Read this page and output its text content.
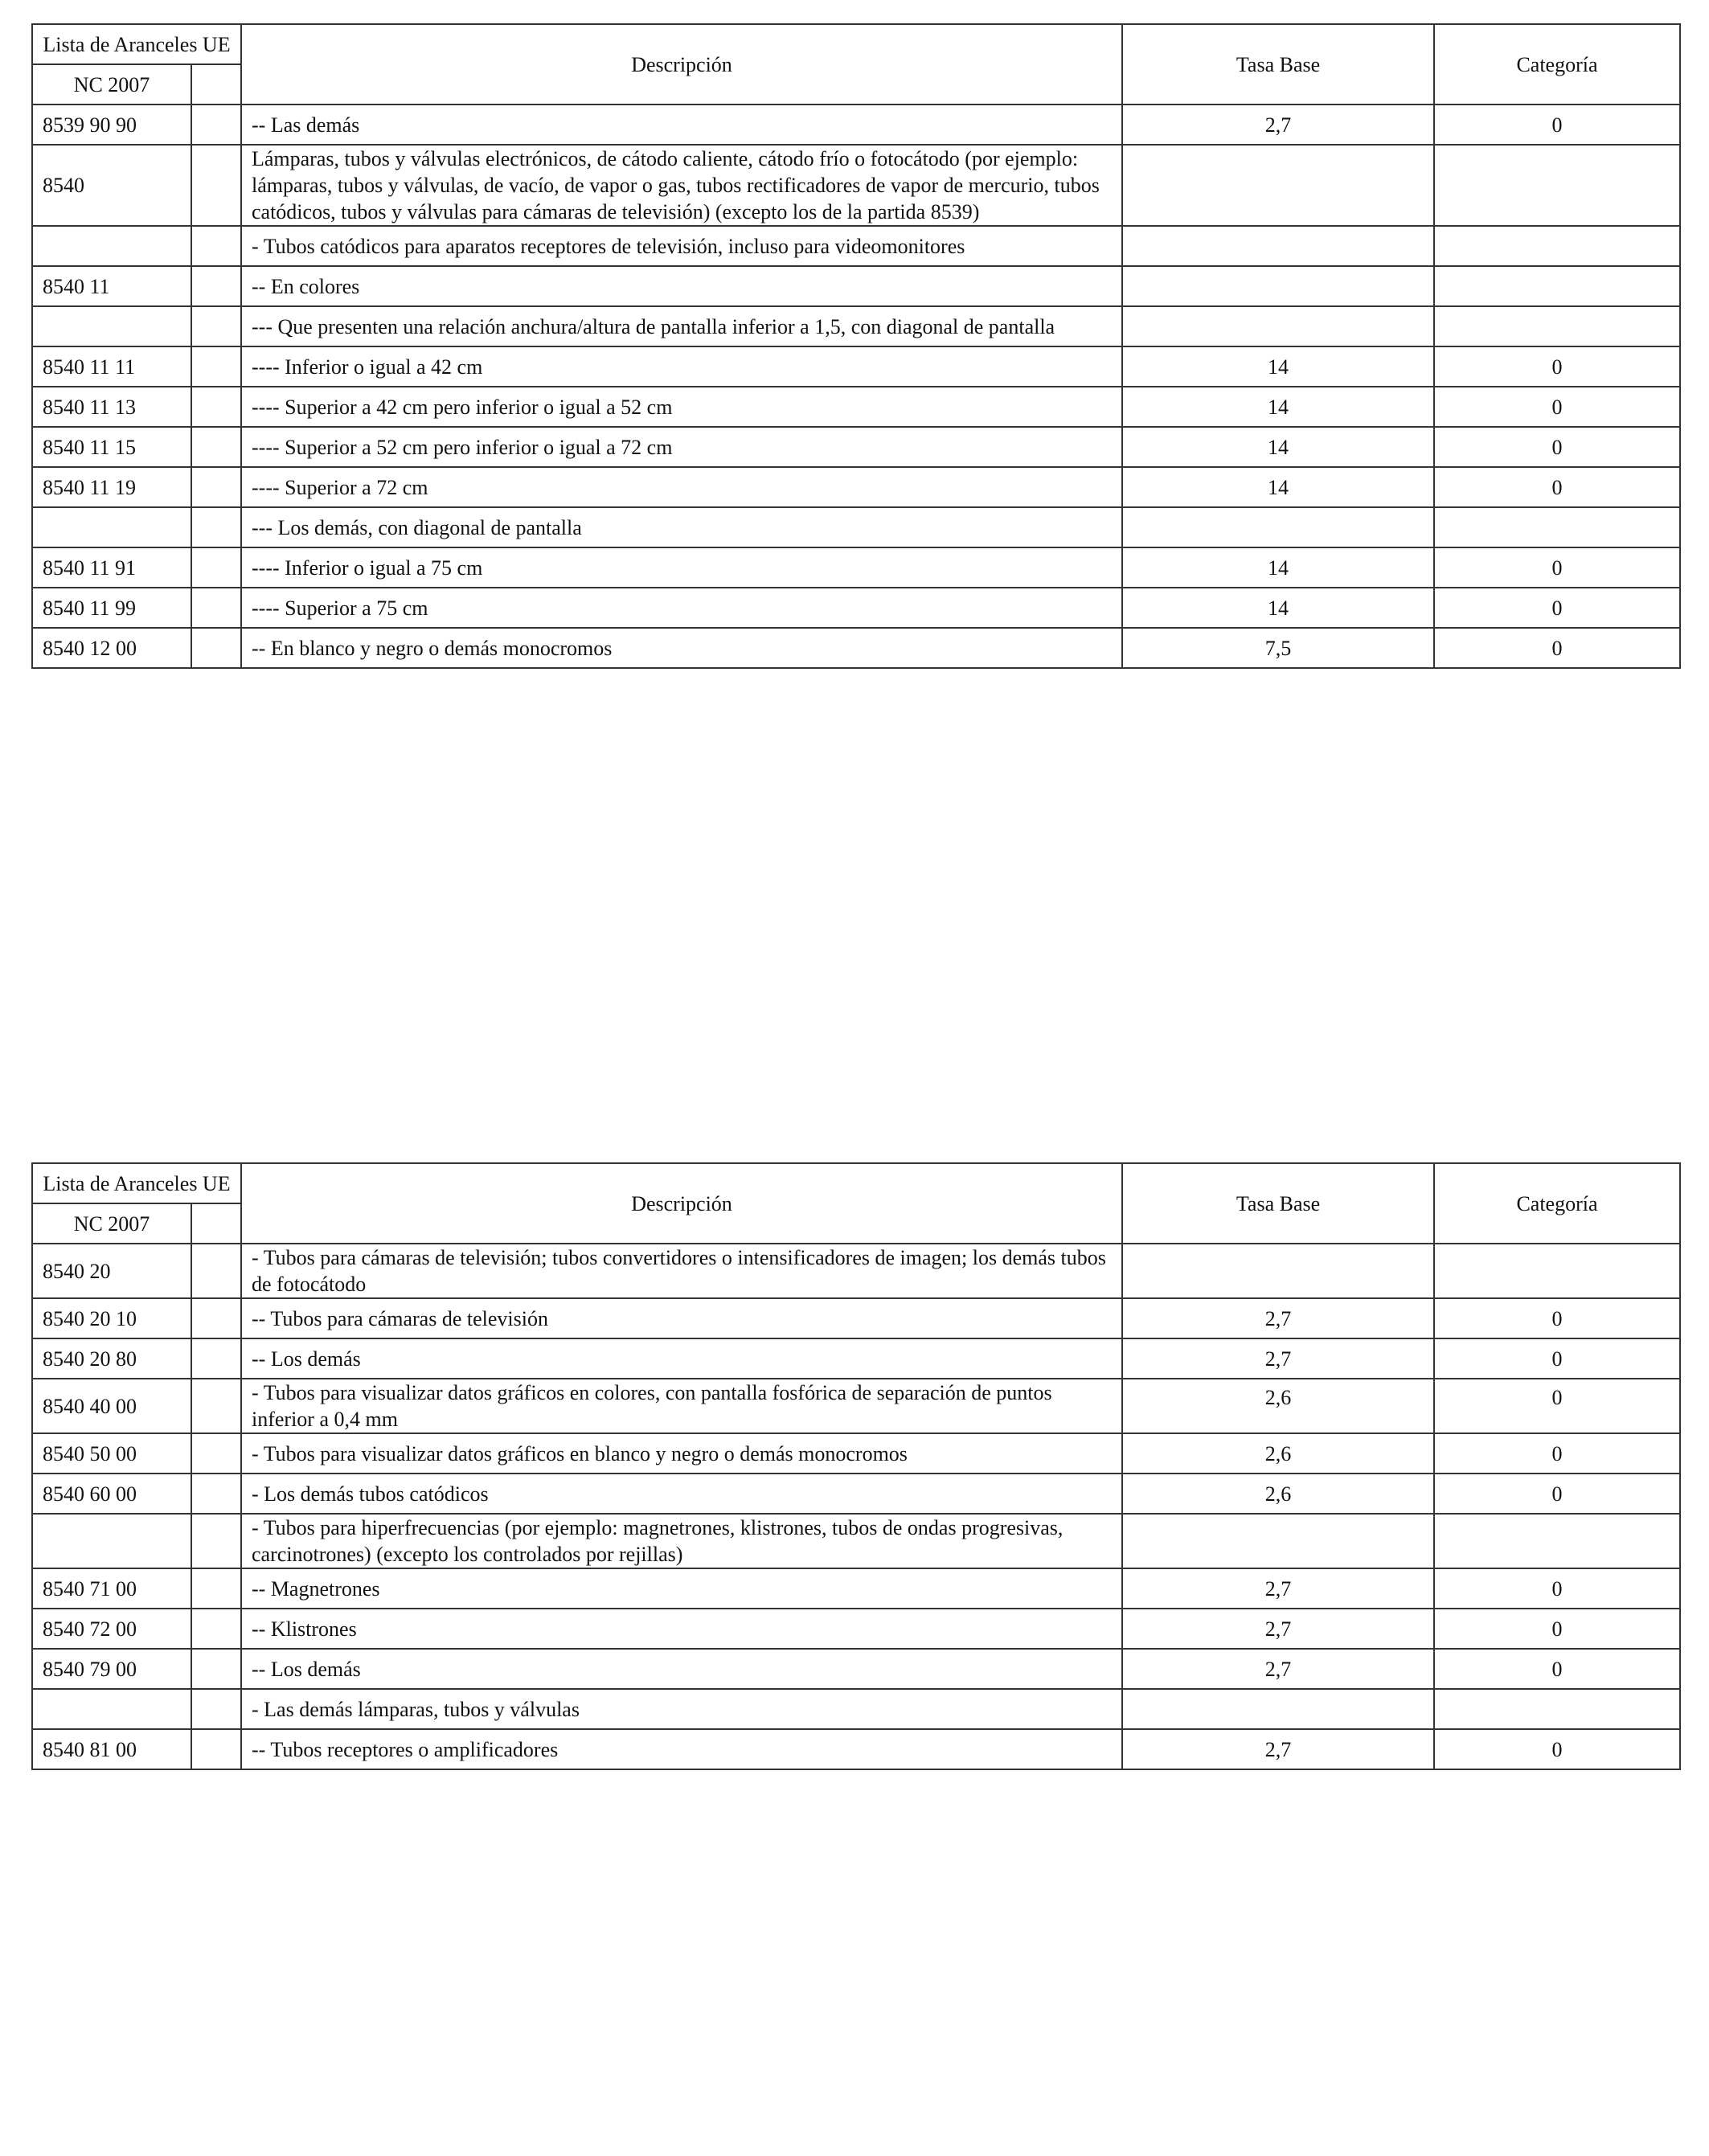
Lista de Aranceles UE		Descripción	Tasa Base	Categoría
NC 2007				
8539 90 90		-- Las demás	2,7	0
8540		Lámparas, tubos y válvulas electrónicos, de cátodo caliente, cátodo frío o fotocátodo (por ejemplo: lámparas, tubos y válvulas, de vacío, de vapor o gas, tubos rectificadores de vapor de mercurio, tubos catódicos, tubos y válvulas para cámaras de televisión) (excepto los de la partida 8539)		
		- Tubos catódicos para aparatos receptores de televisión, incluso para videomonitores		
8540 11		-- En colores		
		--- Que presenten una relación anchura/altura de pantalla inferior a 1,5, con diagonal de pantalla		
8540 11 11		---- Inferior o igual a 42 cm	14	0
8540 11 13		---- Superior a 42 cm pero inferior o igual a 52 cm	14	0
8540 11 15		---- Superior a 52 cm pero inferior o igual a 72 cm	14	0
8540 11 19		---- Superior a 72 cm	14	0
		--- Los demás, con diagonal de pantalla		
8540 11 91		---- Inferior o igual a 75 cm	14	0
8540 11 99		---- Superior a 75 cm	14	0
8540 12 00		-- En blanco y negro o demás monocromos	7,5	0
Lista de Aranceles UE		Descripción	Tasa Base	Categoría
NC 2007				
8540 20		- Tubos para cámaras de televisión; tubos convertidores o intensificadores de imagen; los demás tubos de fotocátodo		
8540 20 10		-- Tubos para cámaras de televisión	2,7	0
8540 20 80		-- Los demás	2,7	0
8540 40 00		- Tubos para visualizar datos gráficos en colores, con pantalla fosfórica de separación de puntos inferior a 0,4 mm	2,6	0
8540 50 00		- Tubos para visualizar datos gráficos en blanco y negro o demás monocromos	2,6	0
8540 60 00		- Los demás tubos catódicos	2,6	0
		- Tubos para hiperfrecuencias (por ejemplo: magnetrones, klistrones, tubos de ondas progresivas, carcinotrones) (excepto los controlados por rejillas)		
8540 71 00		-- Magnetrones	2,7	0
8540 72 00		-- Klistrones	2,7	0
8540 79 00		-- Los demás	2,7	0
		- Las demás lámparas, tubos y válvulas		
8540 81 00		-- Tubos receptores o amplificadores	2,7	0
